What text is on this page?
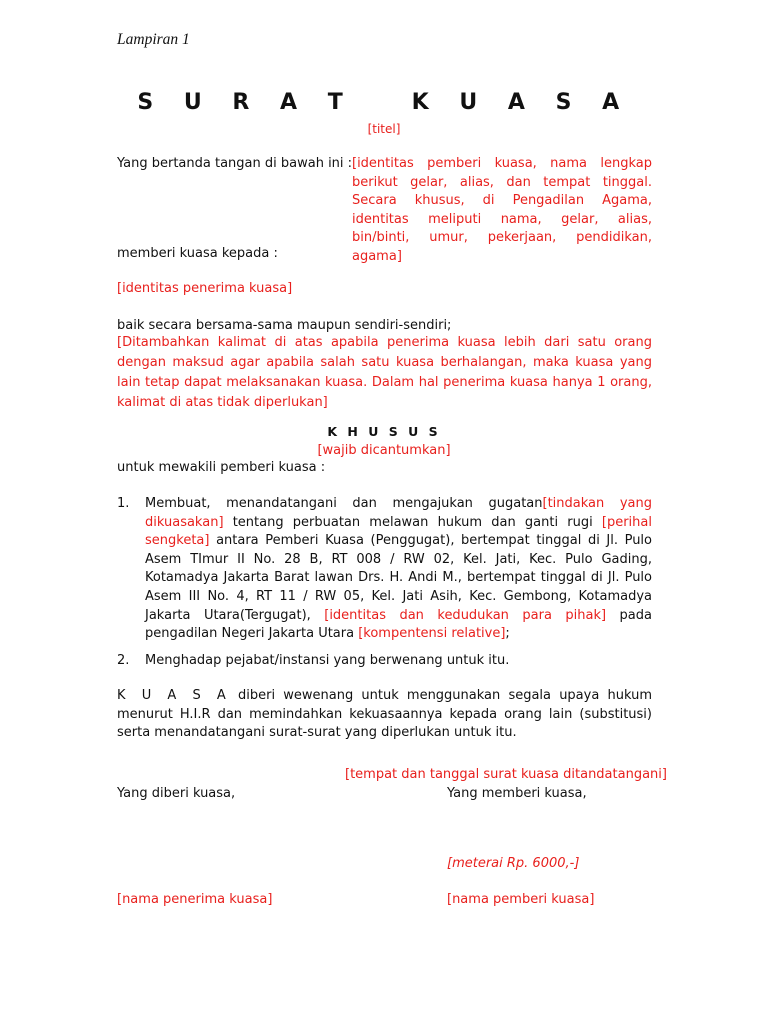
Lampiran 1
S U R A T   K U A S A
[titel]
Yang bertanda tangan di bawah ini : [identitas pemberi kuasa, nama lengkap berikut gelar, alias, dan tempat tinggal. Secara khusus, di Pengadilan Agama, identitas meliputi nama, gelar, alias, bin/binti, umur, pekerjaan, pendidikan, agama]
memberi kuasa kepada :
[identitas penerima kuasa]
baik secara bersama-sama maupun sendiri-sendiri;
[Ditambahkan kalimat di atas apabila penerima kuasa lebih dari satu orang dengan maksud agar apabila salah satu kuasa berhalangan, maka kuasa yang lain tetap dapat melaksanakan kuasa. Dalam hal penerima kuasa hanya 1 orang, kalimat di atas tidak diperlukan]
K H U S U S
[wajib dicantumkan]
untuk mewakili pemberi kuasa :
1. Membuat, menandatangani dan mengajukan gugatan[tindakan yang dikuasakan] tentang perbuatan melawan hukum dan ganti rugi [perihal sengketa] antara Pemberi Kuasa (Penggugat), bertempat tinggal di Jl. Pulo Asem TImur II No. 28 B, RT 008 / RW 02, Kel. Jati, Kec. Pulo Gading, Kotamadya Jakarta Barat lawan Drs. H. Andi M., bertempat tinggal di Jl. Pulo Asem III No. 4, RT 11 / RW 05, Kel. Jati Asih, Kec. Gembong, Kotamadya Jakarta Utara(Tergugat), [identitas dan kedudukan para pihak] pada pengadilan Negeri Jakarta Utara [kompentensi relative];
2. Menghadap pejabat/instansi yang berwenang untuk itu.
K U A S A diberi wewenang untuk menggunakan segala upaya hukum menurut H.I.R dan memindahkan kekuasaannya kepada orang lain (substitusi) serta menandatangani surat-surat yang diperlukan untuk itu.
[tempat dan tanggal surat kuasa ditandatangani]
Yang diberi kuasa,	Yang memberi kuasa,
[meterai Rp. 6000,-]
[nama penerima kuasa]	[nama pemberi kuasa]
